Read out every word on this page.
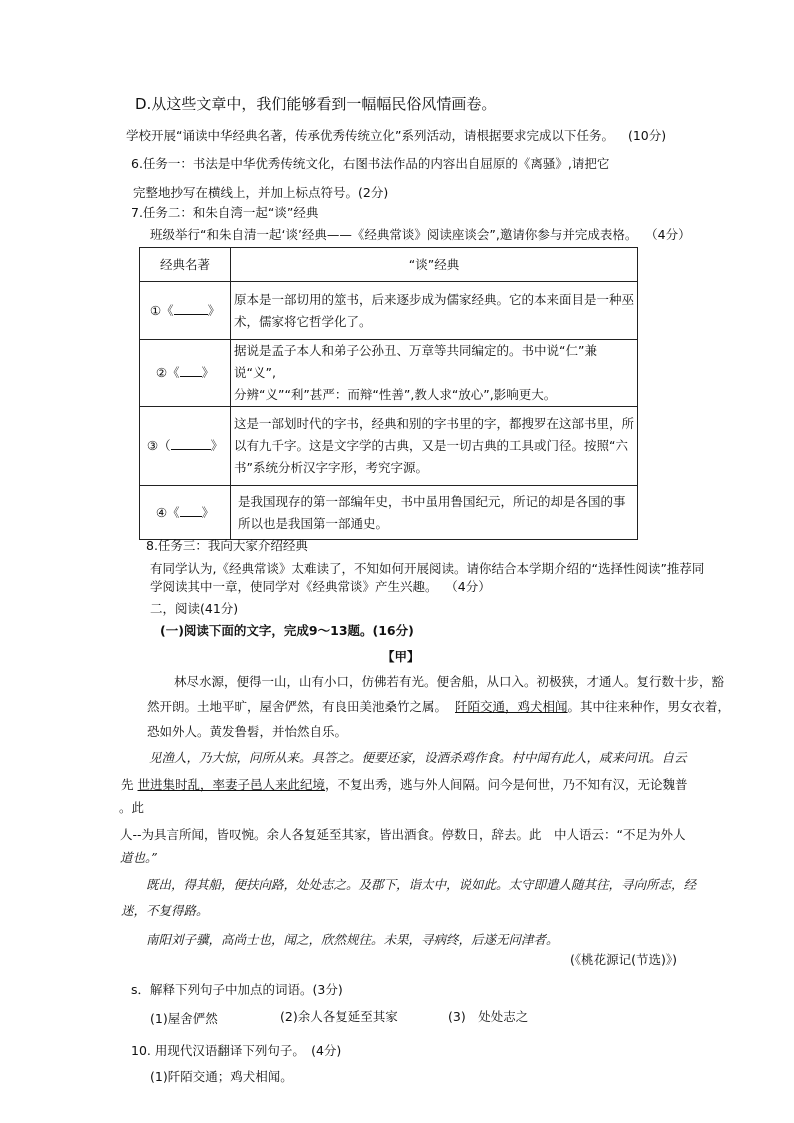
D.从这些文章中，我们能够看到一幅幅民俗风情画卷。
学校开展“诵读中华经典名著，传承优秀传统立化”系列活动，请根据要求完成以下任务。 (10分)
6.任务一：书法是中华优秀传统文化，右图书法作品的内容出自屈原的《离骚》,请把它
完整地抄写在横线上，并加上标点符号。(2分)
7.任务二：和朱自湾一起“谈”经典
班级举行“和朱自清一起‘谈’经典——《经典常谈》阅读座谈会”,邀请你参与并完成表格。 （4分）
经典名著	“谈”经典
①《 》	原本是一部切用的筮书，后来逐步成为儒家经典。它的本来面目是一种巫
术，儒家将它哲学化了。

②《 》	据说是孟子本人和弟子公孙丑、万章等共同编定的。书中说“仁”兼说“义”,
分辨“义”“利”甚严：而辩“性善”,教人求“放心”,影响更大。

③（ 》	这是一部划时代的字书，经典和别的字书里的字，都搜罗在这部书里，所
以有九千字。这是文字学的古典，又是一切古典的工具或门径。按照“六
书”系统分析汉字字形，考究字源。

④《 》	是我国现存的第一部编年史，书中虽用鲁国纪元，所记的却是各国的事
所以也是我国第一部通史。
8.任务三：我向大家介绍经典
有同学认为,《经典常谈》太难读了，不知如何开展阅读。请你结合本学期介绍的“选择性阅读”推荐同
学阅读其中一章，使同学对《经典常谈》产生兴趣。 （4分）
二，阅读(41分)
(一)阅读下面的文字，完成9～13题。(16分)
【甲】
林尽水源，便得一山，山有小口，仿佛若有光。便舍船，从口入。初极狭，才通人。复行数十步，豁
然开朗。土地平旷，屋舍俨然，有良田美池桑竹之属。 阡陌交通，鸡犬相闻。其中往来种作，男女衣着，
恐如外人。黄发鲁髫，并怡然自乐。
见渔人，乃大惊，问所从来。具答之。便要还家，设酒杀鸡作食。村中闻有此人，咸来问讯。自云
先 世进集时乱，率妻子邑人来此纪境，不复出秀，逃与外人间隔。问今是何世，乃不知有汉，无论魏普
。此
人--为具言所闻，皆叹惋。余人各复延至其家，皆出酒食。停数日，辞去。此　中人语云：“不足为外人
道也。”
既出，得其船，便扶向路，处处志之。及郡下，诣太中，说如此。太守即遣人随其往，寻向所志，经
迷，不复得路。
南阳刘子骥，高尚士也，闻之，欣然规往。未果，寻病终，后遂无问津者。
(《桃花源记(节选)》)
s．解释下列句子中加点的词语。(3分)
(1)屋舍俨然	(2)余人各复延至其家	(3)　处处志之
10. 用现代汉语翻译下列句子。　(4分)
(1)阡陌交通；鸡犬相闻。
